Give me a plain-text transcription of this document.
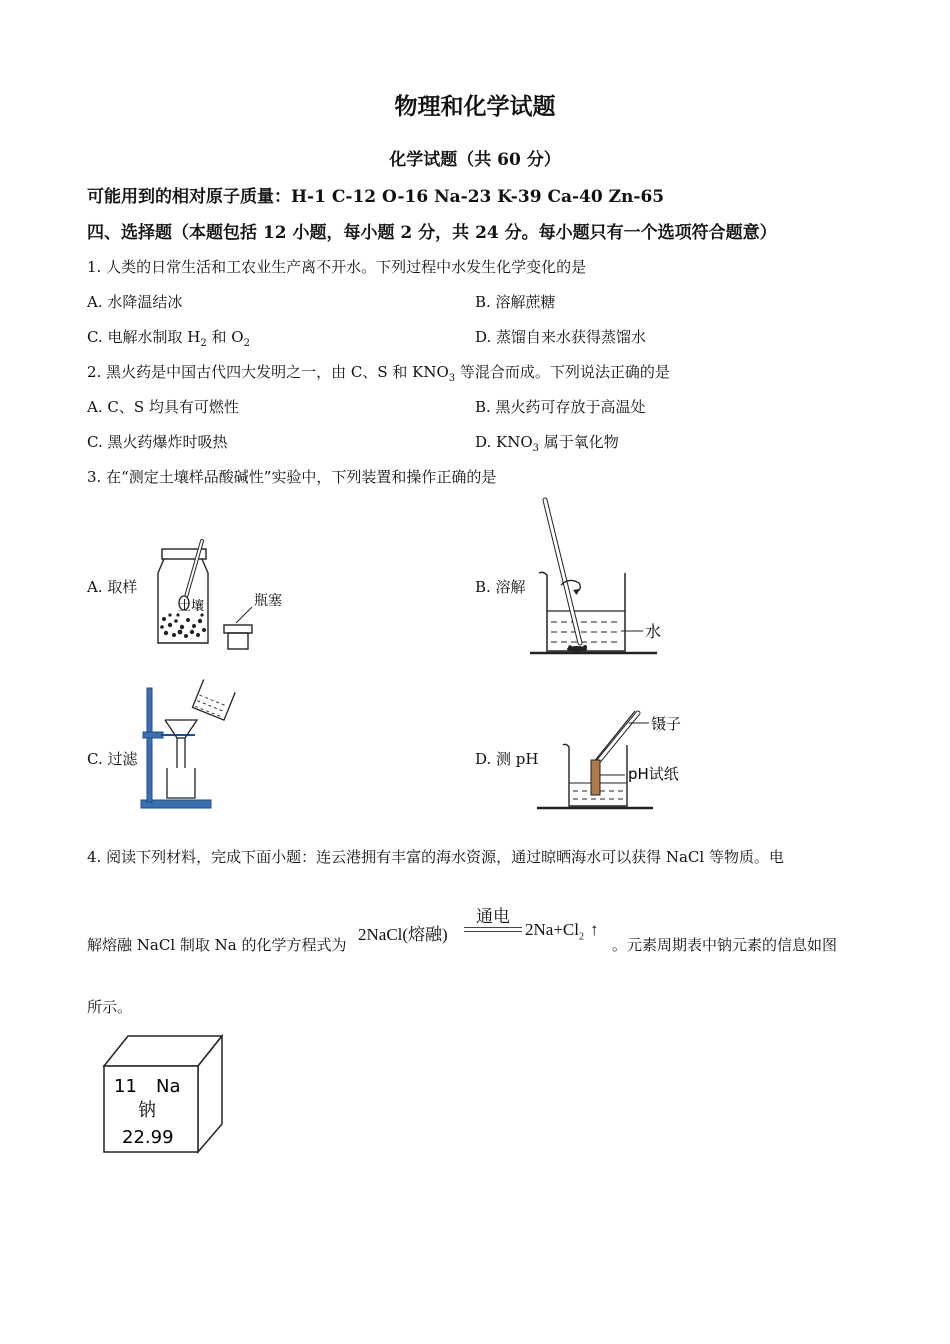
物理和化学试题
化学试题（共 60 分）
可能用到的相对原子质量：H-1 C-12 O-16 Na-23 K-39 Ca-40 Zn-65
四、选择题（本题包括 12 小题，每小题 2 分，共 24 分。每小题只有一个选项符合题意）
1. 人类的日常生活和工农业生产离不开水。下列过程中水发生化学变化的是
A. 水降温结冰	B. 溶解蔗糖
C. 电解水制取 $H_2$ 和 $O_2$	D. 蒸馏自来水获得蒸馏水
2. 黑火药是中国古代四大发明之一，由 C、S 和 $KNO_3$ 等混合而成。下列说法正确的是
A. C、S 均具有可燃性	B. 黑火药可存放于高温处
C. 黑火药爆炸时吸热	D. $KNO_3$ 属于氧化物
3. 在“测定土壤样品酸碱性”实验中，下列装置和操作正确的是
A. 取样	B. 溶解
C. 过滤	D. 测 pH
土壤	瓶塞
水
镊子
pH试纸
4. 阅读下列材料，完成下面小题：连云港拥有丰富的海水资源，通过晾晒海水可以获得 NaCl 等物质。电
解熔融 NaCl 制取 Na 的化学方程式为
2NaCl(熔融)
通电
$2Na+Cl_2$ ↑
。元素周期表中钠元素的信息如图
所示。
11 Na
钠
22.99
